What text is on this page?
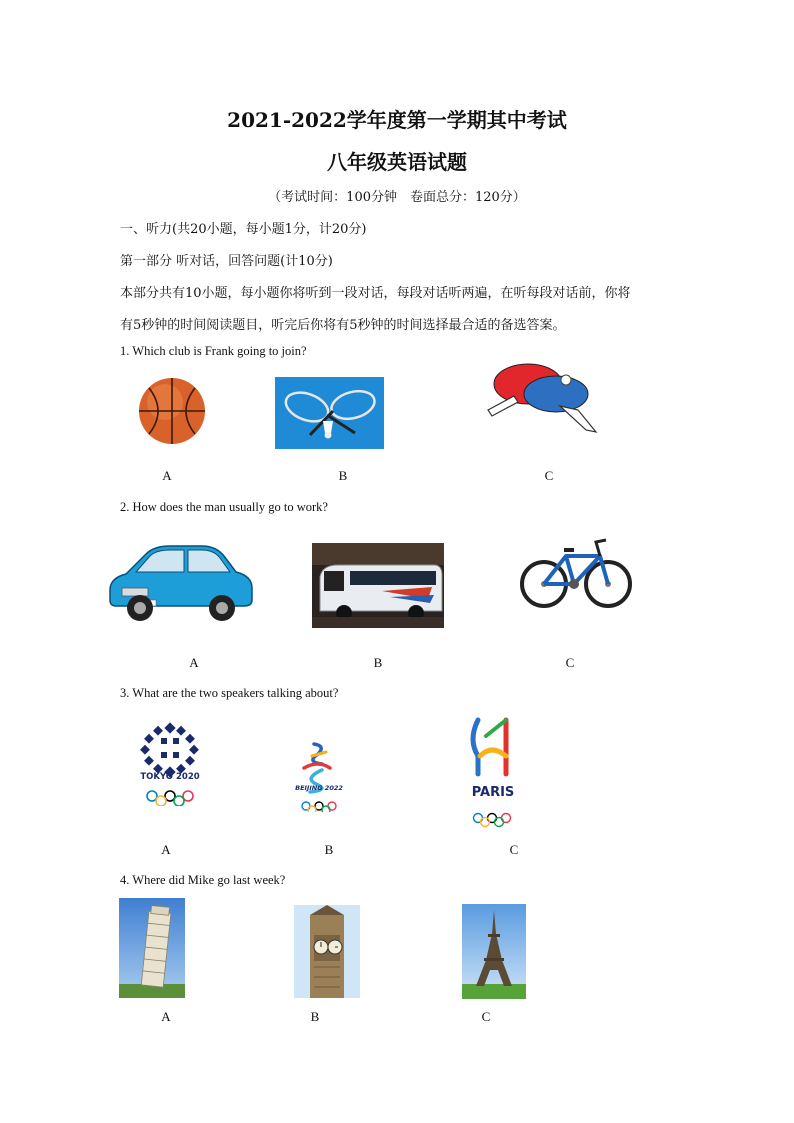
2021-2022学年度第一学期其中考试
八年级英语试题
（考试时间：100分钟　卷面总分：120分）
一、听力(共20小题，每小题1分，计20分)
第一部分 听对话，回答问题(计10分)
本部分共有10小题，每小题你将听到一段对话，每段对话听两遍，在听每段对话前，你将
有5秒钟的时间阅读题目，听完后你将有5秒钟的时间选择最合适的备选答案。
1. Which club is Frank going to join?
A	B	C
2. How does the man usually go to work?
A	B	C
3. What are the two speakers talking about?
TOKYO 2020
BEIJING 2022	PARIS
A	B	C
4. Where did Mike go last week?
A	B	C
